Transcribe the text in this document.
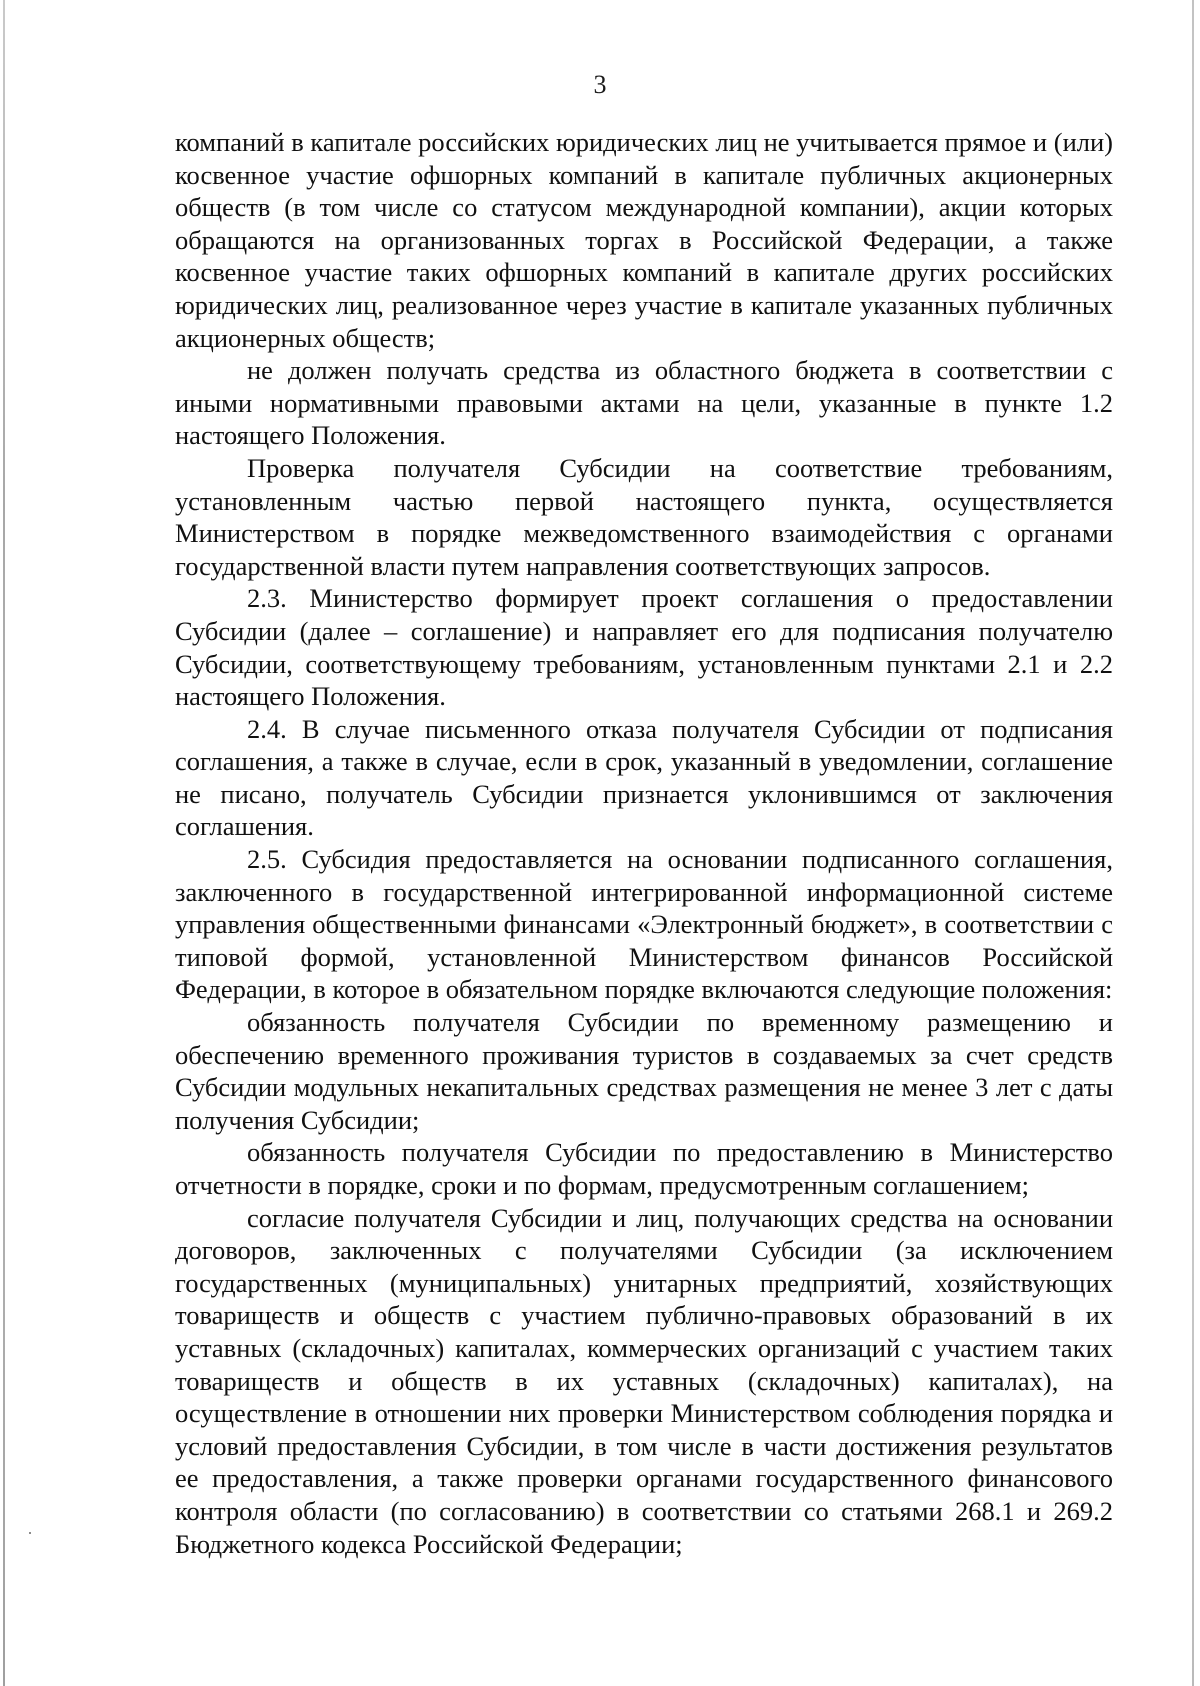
3

компаний в капитале российских юридических лиц не учитывается прямое и (или) косвенное участие офшорных компаний в капитале публичных акционерных обществ (в том числе со статусом международной компании), акции которых обращаются на организованных торгах в Российской Федерации, а также косвенное участие таких офшорных компаний в капитале других российских юридических лиц, реализованное через участие в капитале указанных публичных акционерных обществ;

не должен получать средства из областного бюджета в соответствии с иными нормативными правовыми актами на цели, указанные в пункте 1.2 настоящего Положения.

Проверка получателя Субсидии на соответствие требованиям, установленным частью первой настоящего пункта, осуществляется Министерством в порядке межведомственного взаимодействия с органами государственной власти путем направления соответствующих запросов.

2.3. Министерство формирует проект соглашения о предоставлении Субсидии (далее – соглашение) и направляет его для подписания получателю Субсидии, соответствующему требованиям, установленным пунктами 2.1 и 2.2 настоящего Положения.

2.4. В случае письменного отказа получателя Субсидии от подписания соглашения, а также в случае, если в срок, указанный в уведомлении, соглашение не писано, получатель Субсидии признается уклонившимся от заключения соглашения.

2.5. Субсидия предоставляется на основании подписанного соглашения, заключенного в государственной интегрированной информационной системе управления общественными финансами «Электронный бюджет», в соответствии с типовой формой, установленной Министерством финансов Российской Федерации, в которое в обязательном порядке включаются следующие положения:

обязанность получателя Субсидии по временному размещению и обеспечению временного проживания туристов в создаваемых за счет средств Субсидии модульных некапитальных средствах размещения не менее 3 лет с даты получения Субсидии;

обязанность получателя Субсидии по предоставлению в Министерство отчетности в порядке, сроки и по формам, предусмотренным соглашением;

согласие получателя Субсидии и лиц, получающих средства на основании договоров, заключенных с получателями Субсидии (за исключением государственных (муниципальных) унитарных предприятий, хозяйствующих товариществ и обществ с участием публично-правовых образований в их уставных (складочных) капиталах, коммерческих организаций с участием таких товариществ и обществ в их уставных (складочных) капиталах), на осуществление в отношении них проверки Министерством соблюдения порядка и условий предоставления Субсидии, в том числе в части достижения результатов ее предоставления, а также проверки органами государственного финансового контроля области (по согласованию) в соответствии со статьями 268.1 и 269.2 Бюджетного кодекса Российской Федерации;
